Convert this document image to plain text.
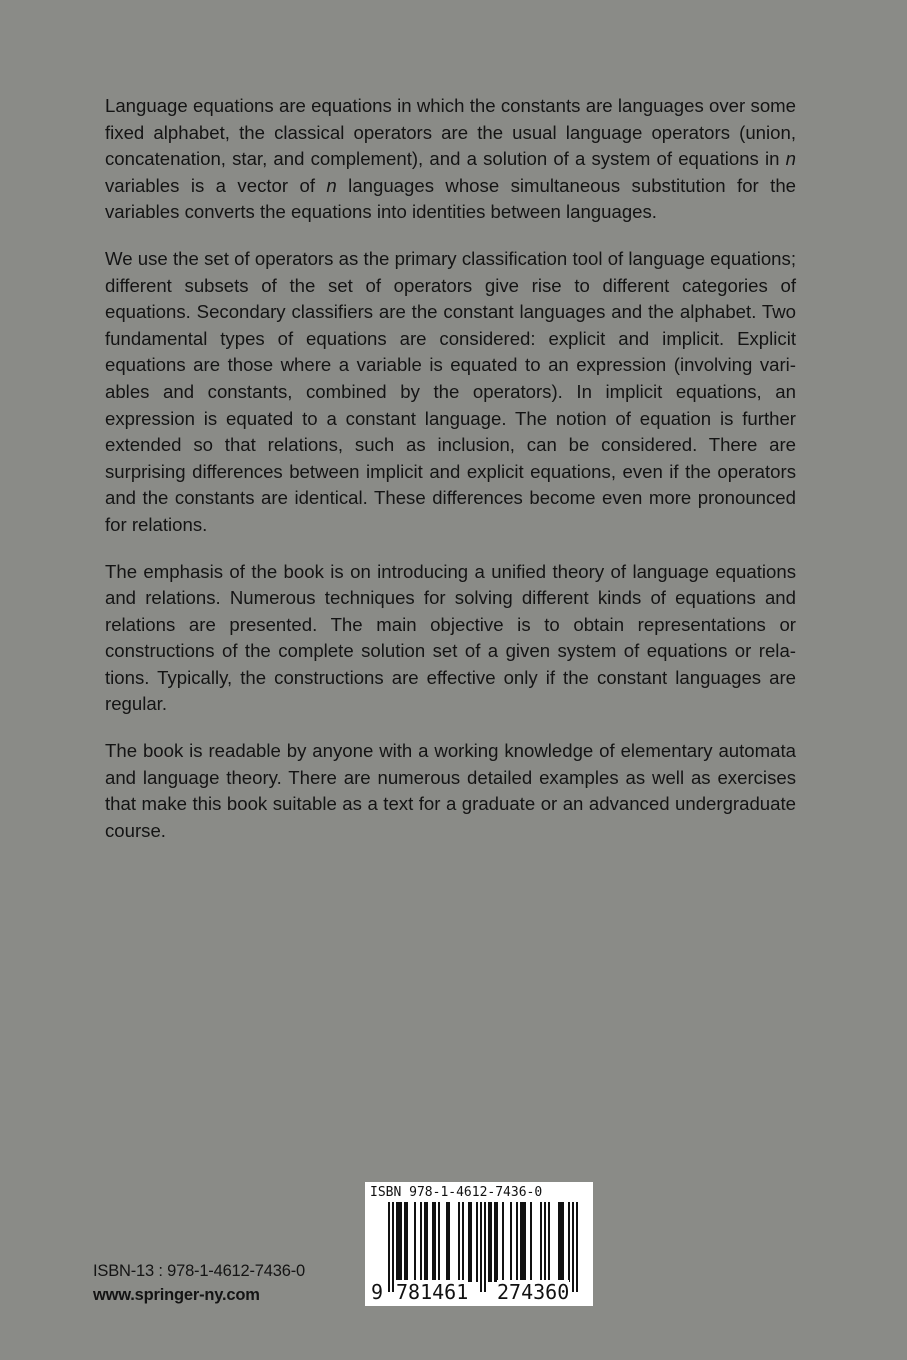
Language equations are equations in which the constants are languages over some fixed alphabet, the classical operators are the usual language operators (union, concatenation, star, and complement), and a solution of a system of equations in n variables is a vector of n languages whose simultaneous substitution for the variables converts the equations into identities between languages.

We use the set of operators as the primary classification tool of language equations; different subsets of the set of operators give rise to different categories of equations. Secondary classifiers are the constant languages and the alphabet. Two fundamental types of equations are considered: explicit and implicit. Explicit equations are those where a variable is equated to an expression (involving variables and constants, combined by the operators). In implicit equations, an expression is equated to a constant language. The notion of equation is further extended so that relations, such as inclusion, can be considered. There are surprising differences between implicit and explicit equations, even if the operators and the constants are identical. These differences become even more pronounced for relations.

The emphasis of the book is on introducing a unified theory of language equations and relations. Numerous techniques for solving different kinds of equations and relations are presented. The main objective is to obtain representations or constructions of the complete solution set of a given system of equations or relations. Typically, the constructions are effective only if the constant languages are regular.

The book is readable by anyone with a working knowledge of elementary automata and language theory. There are numerous detailed examples as well as exercises that make this book suitable as a text for a graduate or an advanced undergraduate course.

ISBN-13 : 978-1-4612-7436-0
www.springer-ny.com
ISBN 978-1-4612-7436-0
9 781461 274360
